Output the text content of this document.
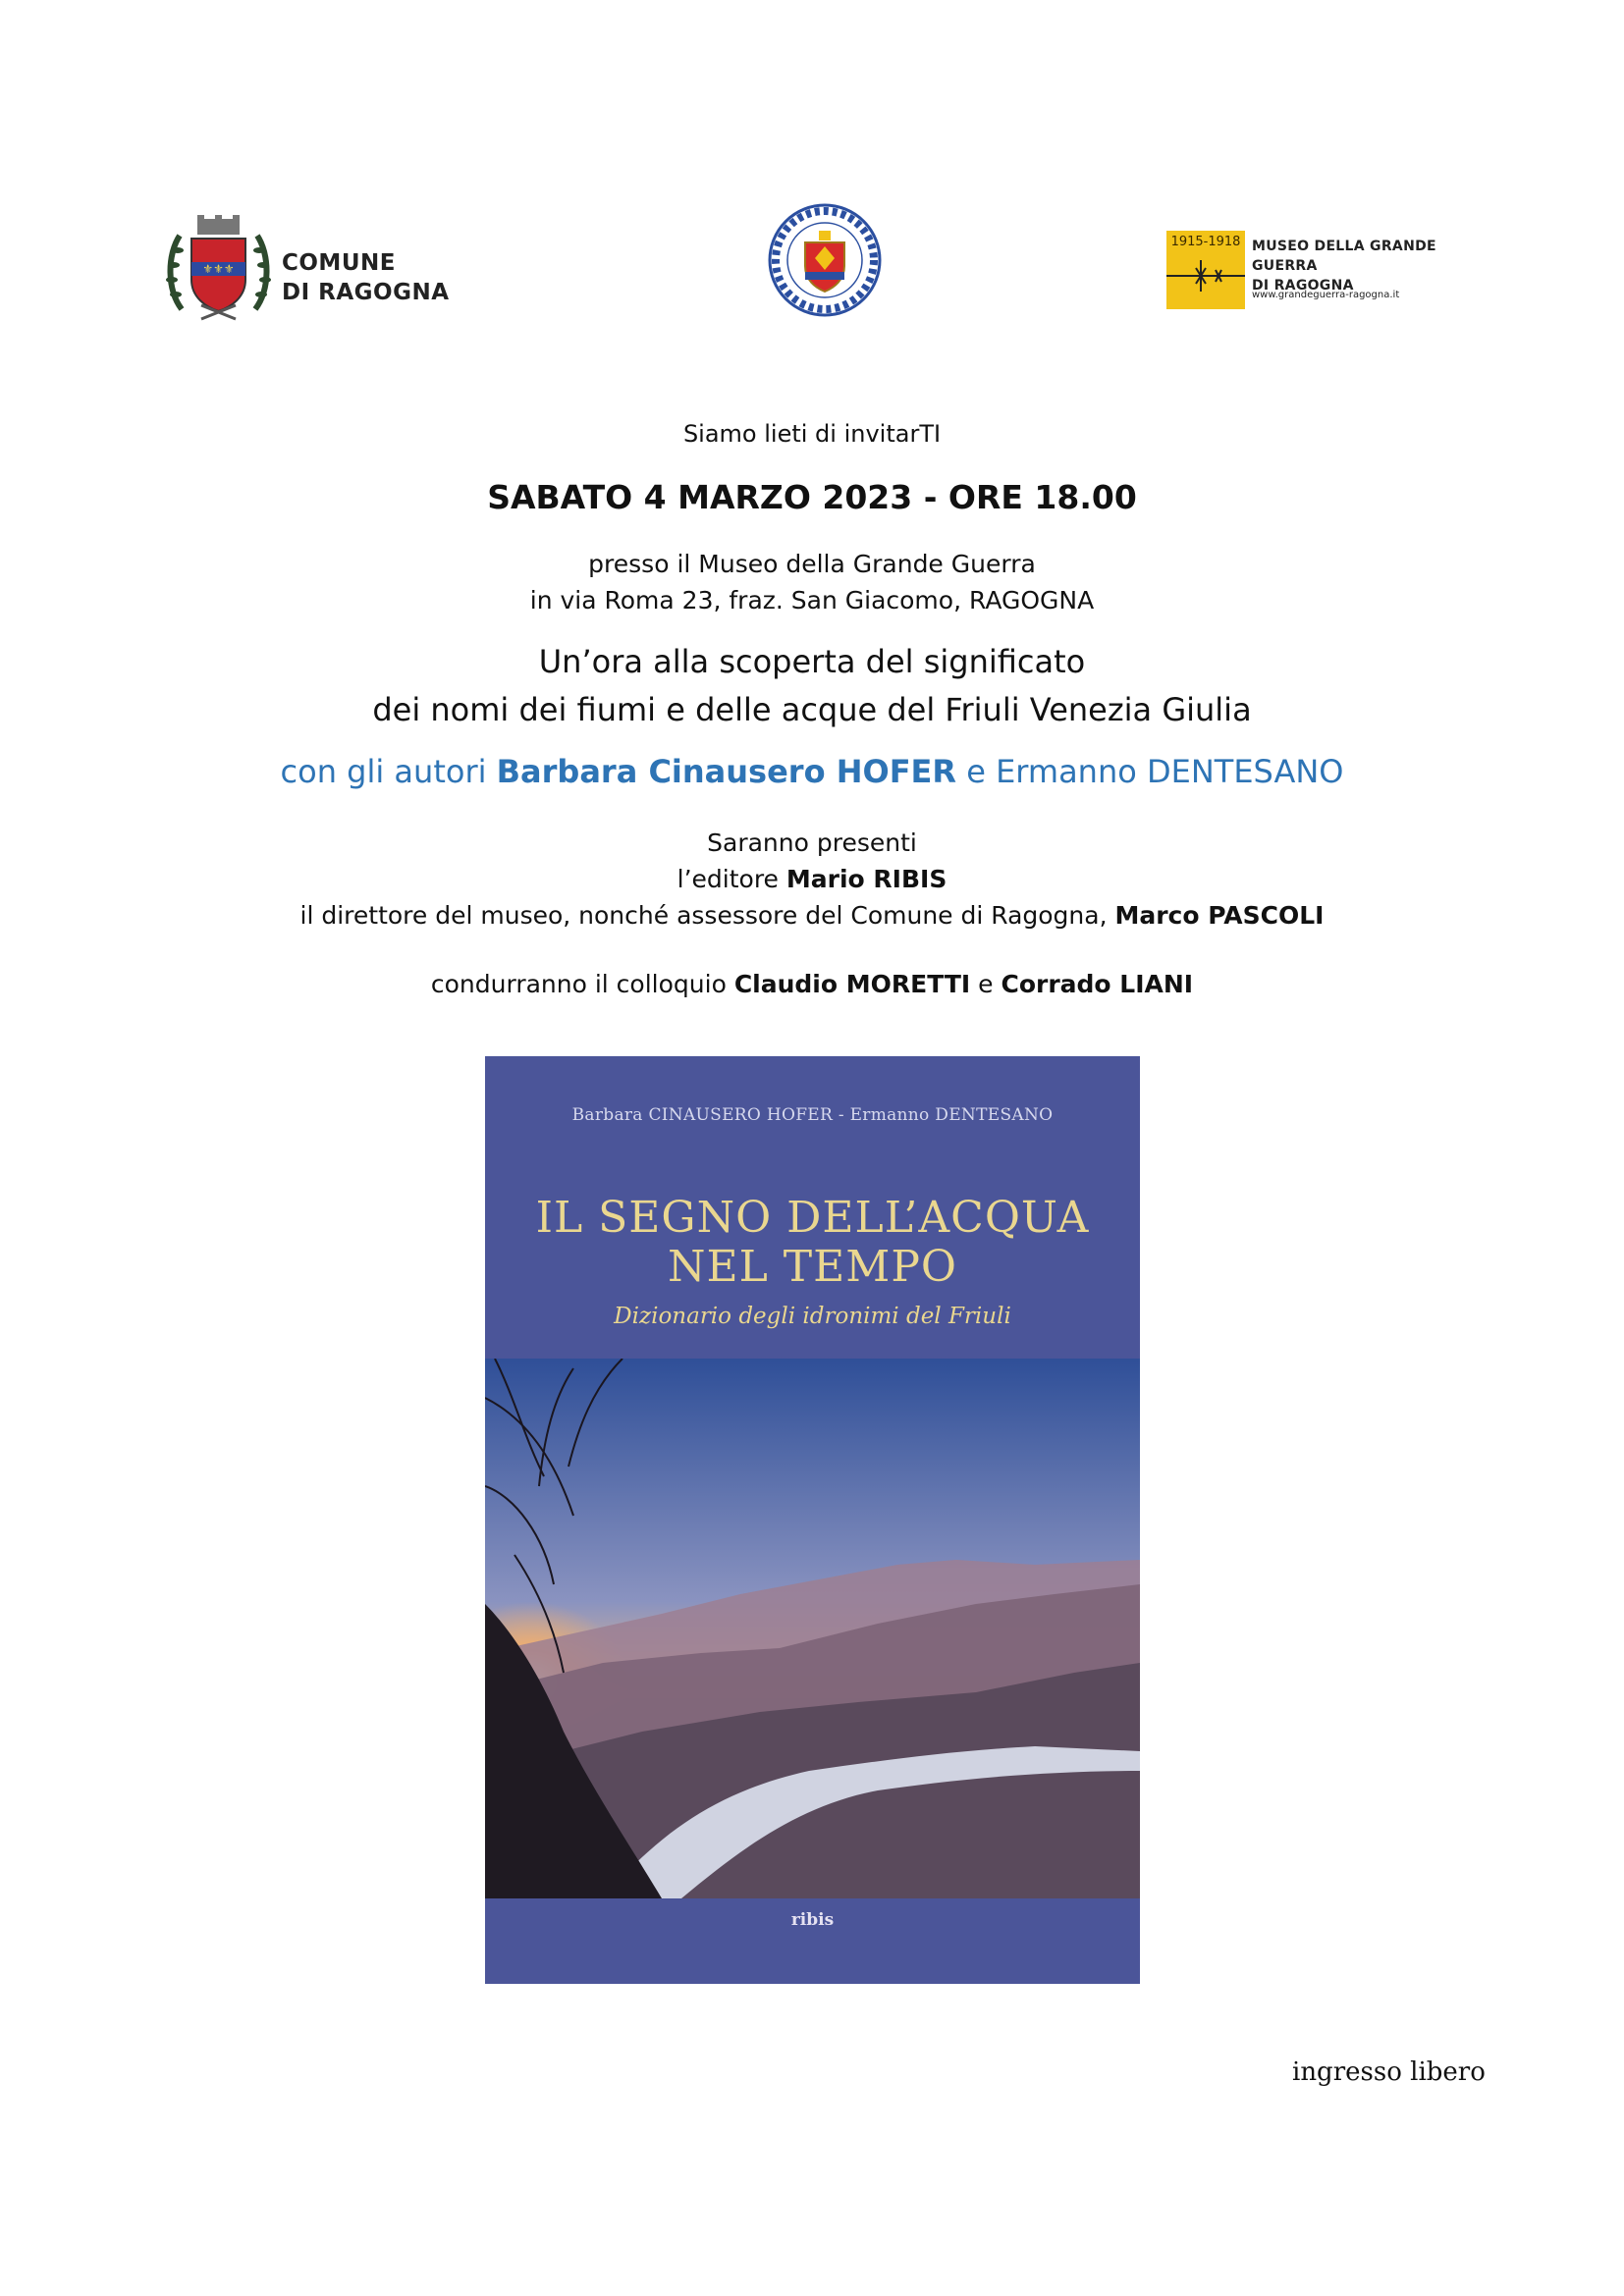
⚜⚜⚜ COMUNE
DI RAGOGNA
1915-1918 MUSEO DELLA GRANDE GUERRA
DI RAGOGNA
www.grandeguerra-ragogna.it
Siamo lieti di invitarTI
SABATO 4 MARZO 2023 - ORE 18.00
presso il Museo della Grande Guerra
in via Roma 23, fraz. San Giacomo, RAGOGNA
Un’ora alla scoperta del significato
dei nomi dei fiumi e delle acque del Friuli Venezia Giulia
con gli autori Barbara Cinausero HOFER e Ermanno DENTESANO
Saranno presenti
l’editore Mario RIBIS
il direttore del museo, nonché assessore del Comune di Ragogna, Marco PASCOLI
condurranno il colloquio Claudio MORETTI e Corrado LIANI
Barbara CINAUSERO HOFER - Ermanno DENTESANO
IL SEGNO DELL’ACQUA
NEL TEMPO
Dizionario degli idronimi del Friuli
ribis
ingresso libero
